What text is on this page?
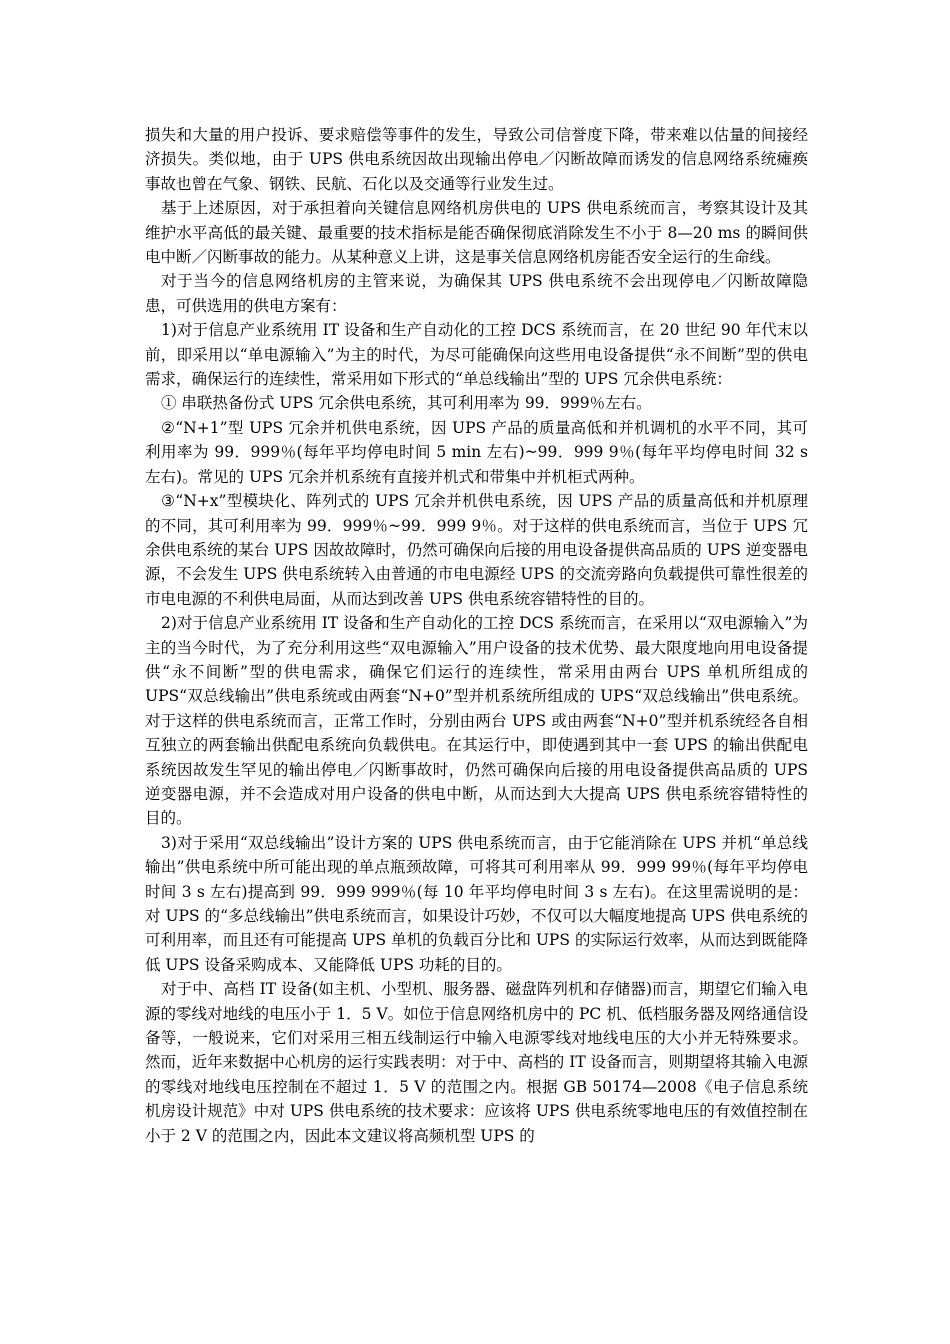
损失和大量的用户投诉、要求赔偿等事件的发生，导致公司信誉度下降，带来难以估量的间接经济损失。类似地，由于 UPS 供电系统因故出现输出停电／闪断故障而诱发的信息网络系统瘫痪事故也曾在气象、钢铁、民航、石化以及交通等行业发生过。

基于上述原因，对于承担着向关键信息网络机房供电的 UPS 供电系统而言，考察其设计及其维护水平高低的最关键、最重要的技术指标是能否确保彻底消除发生不小于 8—20 ms 的瞬间供电中断／闪断事故的能力。从某种意义上讲，这是事关信息网络机房能否安全运行的生命线。

对于当今的信息网络机房的主管来说，为确保其 UPS 供电系统不会出现停电／闪断故障隐患，可供选用的供电方案有：

1)对于信息产业系统用 IT 设备和生产自动化的工控 DCS 系统而言，在 20 世纪 90 年代末以前，即采用以“单电源输入”为主的时代，为尽可能确保向这些用电设备提供“永不间断”型的供电需求，确保运行的连续性，常采用如下形式的“单总线输出”型的 UPS 冗余供电系统：

① 串联热备份式 UPS 冗余供电系统，其可利用率为 99．999％左右。

②“N+1”型 UPS 冗余并机供电系统，因 UPS 产品的质量高低和并机调机的水平不同，其可利用率为 99．999％(每年平均停电时间 5 min 左右)~99．999 9％(每年平均停电时间 32 s 左右)。常见的 UPS 冗余并机系统有直接并机式和带集中并机柜式两种。

③“N+x”型模块化、阵列式的 UPS 冗余并机供电系统，因 UPS 产品的质量高低和并机原理的不同，其可利用率为 99．999％~99．999 9％。对于这样的供电系统而言，当位于 UPS 冗余供电系统的某台 UPS 因故故障时，仍然可确保向后接的用电设备提供高品质的 UPS 逆变器电源，不会发生 UPS 供电系统转入由普通的市电电源经 UPS 的交流旁路向负载提供可靠性很差的市电电源的不利供电局面，从而达到改善 UPS 供电系统容错特性的目的。

2)对于信息产业系统用 IT 设备和生产自动化的工控 DCS 系统而言，在采用以“双电源输入”为主的当今时代，为了充分利用这些“双电源输入”用户设备的技术优势、最大限度地向用电设备提供“永不间断”型的供电需求，确保它们运行的连续性，常采用由两台 UPS 单机所组成的 UPS“双总线输出”供电系统或由两套“N+0”型并机系统所组成的 UPS“双总线输出”供电系统。对于这样的供电系统而言，正常工作时，分别由两台 UPS 或由两套“N+0”型并机系统经各自相互独立的两套输出供配电系统向负载供电。在其运行中，即使遇到其中一套 UPS 的输出供配电系统因故发生罕见的输出停电／闪断事故时，仍然可确保向后接的用电设备提供高品质的 UPS 逆变器电源，并不会造成对用户设备的供电中断，从而达到大大提高 UPS 供电系统容错特性的目的。

3)对于采用“双总线输出”设计方案的 UPS 供电系统而言，由于它能消除在 UPS 并机“单总线输出”供电系统中所可能出现的单点瓶颈故障，可将其可利用率从 99．999 99％(每年平均停电时间 3 s 左右)提高到 99．999 999％(每 10 年平均停电时间 3 s 左右)。在这里需说明的是：对 UPS 的“多总线输出”供电系统而言，如果设计巧妙，不仅可以大幅度地提高 UPS 供电系统的可利用率，而且还有可能提高 UPS 单机的负载百分比和 UPS 的实际运行效率，从而达到既能降低 UPS 设备采购成本、又能降低 UPS 功耗的目的。

对于中、高档 IT 设备(如主机、小型机、服务器、磁盘阵列机和存储器)而言，期望它们输入电源的零线对地线的电压小于 1．5 V。如位于信息网络机房中的 PC 机、低档服务器及网络通信设备等，一般说来，它们对采用三相五线制运行中输入电源零线对地线电压的大小并无特殊要求。然而，近年来数据中心机房的运行实践表明：对于中、高档的 IT 设备而言，则期望将其输入电源的零线对地线电压控制在不超过 1．5 V 的范围之内。根据 GB 50174—2008《电子信息系统机房设计规范》中对 UPS 供电系统的技术要求：应该将 UPS 供电系统零地电压的有效值控制在小于 2 V 的范围之内，因此本文建议将高频机型 UPS 的
